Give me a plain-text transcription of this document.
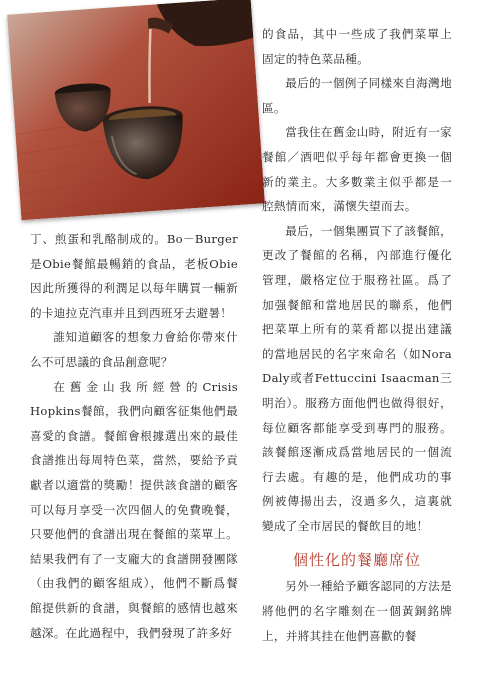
丁、煎蛋和乳酪制成的。Bo－Burger是Obie餐館最暢銷的食品，老板Obie因此所獲得的利潤足以每年購買一輛新的卡迪拉克汽車并且到西班牙去避暑！

誰知道顧客的想象力會給你帶來什么不可思議的食品創意呢？

在舊金山我所經營的Crisis Hopkins餐館，我們向顧客征集他們最喜愛的食譜。餐館會根據選出來的最佳食譜推出每周特色菜，當然，要給予貢獻者以適當的獎勵！提供該食譜的顧客可以每月享受一次四個人的免費晚餐，只要他們的食譜出現在餐館的菜單上。結果我們有了一支龐大的食譜開發團隊（由我們的顧客組成），他們不斷爲餐館提供新的食譜，與餐館的感情也越來越深。在此過程中，我們發現了許多好

的食品，其中一些成了我們菜單上固定的特色菜品種。

最后的一個例子同樣來自海灣地區。

當我住在舊金山時，附近有一家餐館／酒吧似乎每年都會更換一個新的業主。大多數業主似乎都是一腔熱情而來，滿懷失望而去。

最后，一個集團買下了該餐館，更改了餐館的名稱，內部進行優化管理，嚴格定位于服務社區。爲了加强餐館和當地居民的聯系，他們把菜單上所有的菜肴都以提出建議的當地居民的名字來命名（如Nora Daly或者Fettuccini Isaacman三明治）。服務方面他們也做得很好，每位顧客都能享受到專門的服務。該餐館逐漸成爲當地居民的一個流行去處。有趣的是，他們成功的事例被傳揚出去，沒過多久，這裏就變成了全市居民的餐飲目的地！

個性化的餐廳席位

另外一種給予顧客認同的方法是將他們的名字雕刻在一個黃銅銘牌上，并將其挂在他們喜歡的餐
